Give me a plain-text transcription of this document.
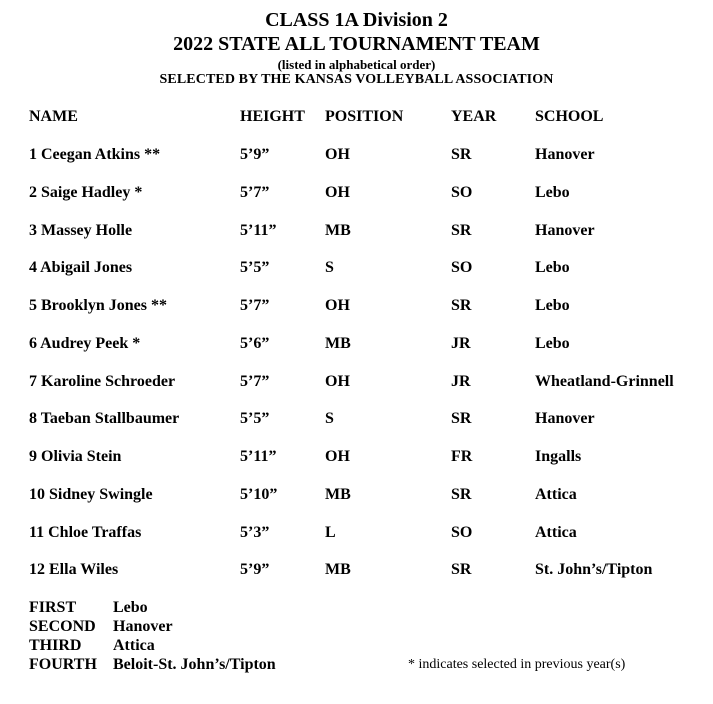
CLASS 1A Division 2
2022 STATE ALL TOURNAMENT TEAM
(listed in alphabetical order)
SELECTED BY THE KANSAS VOLLEYBALL ASSOCIATION
NAME	HEIGHT POSITION	YEAR SCHOOL
1 Ceegan Atkins **	5’9”	OH	SR	Hanover
2 Saige Hadley *	5’7”	OH	SO	Lebo
3 Massey Holle	5’11”	MB	SR	Hanover
4 Abigail Jones	5’5”	S	SO	Lebo
5 Brooklyn Jones **	5’7”	OH	SR	Lebo
6 Audrey Peek *	5’6”	MB	JR	Lebo
7 Karoline Schroeder	5’7”	OH	JR	Wheatland-Grinnell
8 Taeban Stallbaumer	5’5”	S	SR	Hanover
9 Olivia Stein	5’11”	OH	FR	Ingalls
10 Sidney Swingle	5’10”	MB	SR	Attica
11 Chloe Traffas	5’3”	L	SO	Attica
12 Ella Wiles	5’9”	MB	SR	St. John’s/Tipton
FIRST Lebo
SECOND Hanover
THIRD Attica
FOURTH Beloit-St. John’s/Tipton	* indicates selected in previous year(s)
